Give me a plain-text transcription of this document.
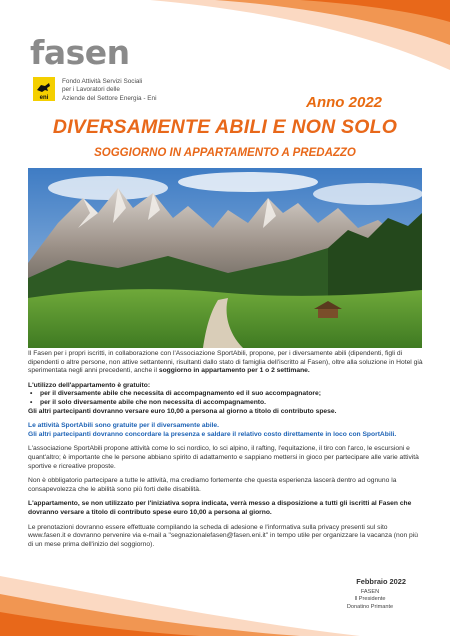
fasen
eni
Fondo Attività Servizi Sociali
per i Lavoratori delle
Aziende del Settore Energia - Eni	Anno 2022
DIVERSAMENTE ABILI E NON SOLO
SOGGIORNO IN APPARTAMENTO A PREDAZZO

Il Fasen per i propri iscritti, in collaborazione con l'Associazione SportAbili, propone, per i diversamente abili (dipendenti, figli di dipendenti o altre persone, non attive settantenni, risultanti dallo stato di famiglia dell'iscritto al Fasen), oltre alla soluzione in Hotel già sperimentata negli anni precedenti, anche il soggiorno in appartamento per 1 o 2 settimane.

L'utilizzo dell'appartamento è gratuito:
• per il diversamente abile che necessita di accompagnamento ed il suo accompagnatore;
• per il solo diversamente abile che non necessita di accompagnamento.

Gli altri partecipanti dovranno versare euro 10,00 a persona al giorno a titolo di contributo spese.

Le attività SportAbili sono gratuite per il diversamente abile.

Gli altri partecipanti dovranno concordare la presenza e saldare il relativo costo direttamente in loco con SportAbili.

L'associazione SportAbili propone attività come lo sci nordico, lo sci alpino, il rafting, l'equitazione, il tiro con l'arco, le escursioni e quant'altro; è importante che le persone abbiano spirito di adattamento e sappiano mettersi in gioco per partecipare alle varie attività sportive e ricreative proposte.

Non è obbligatorio partecipare a tutte le attività, ma crediamo fortemente che questa esperienza lascerà dentro ad ognuno la consapevolezza che le abilità sono più forti delle disabilità.

L'appartamento, se non utilizzato per l'iniziativa sopra indicata, verrà messo a disposizione a tutti gli iscritti al Fasen che dovranno versare a titolo di contributo spese euro 10,00 a persona al giorno.

Le prenotazioni dovranno essere effettuate compilando la scheda di adesione e l'informativa sulla privacy presenti sul sito www.fasen.it e dovranno pervenire via e-mail a "segnazionalefasen@fasen.eni.it" in tempo utile per organizzare la vacanza (non più di un mese prima dell'inizio del soggiorno).

Febbraio 2022
FASEN
Il Presidente
Donatino Primante
